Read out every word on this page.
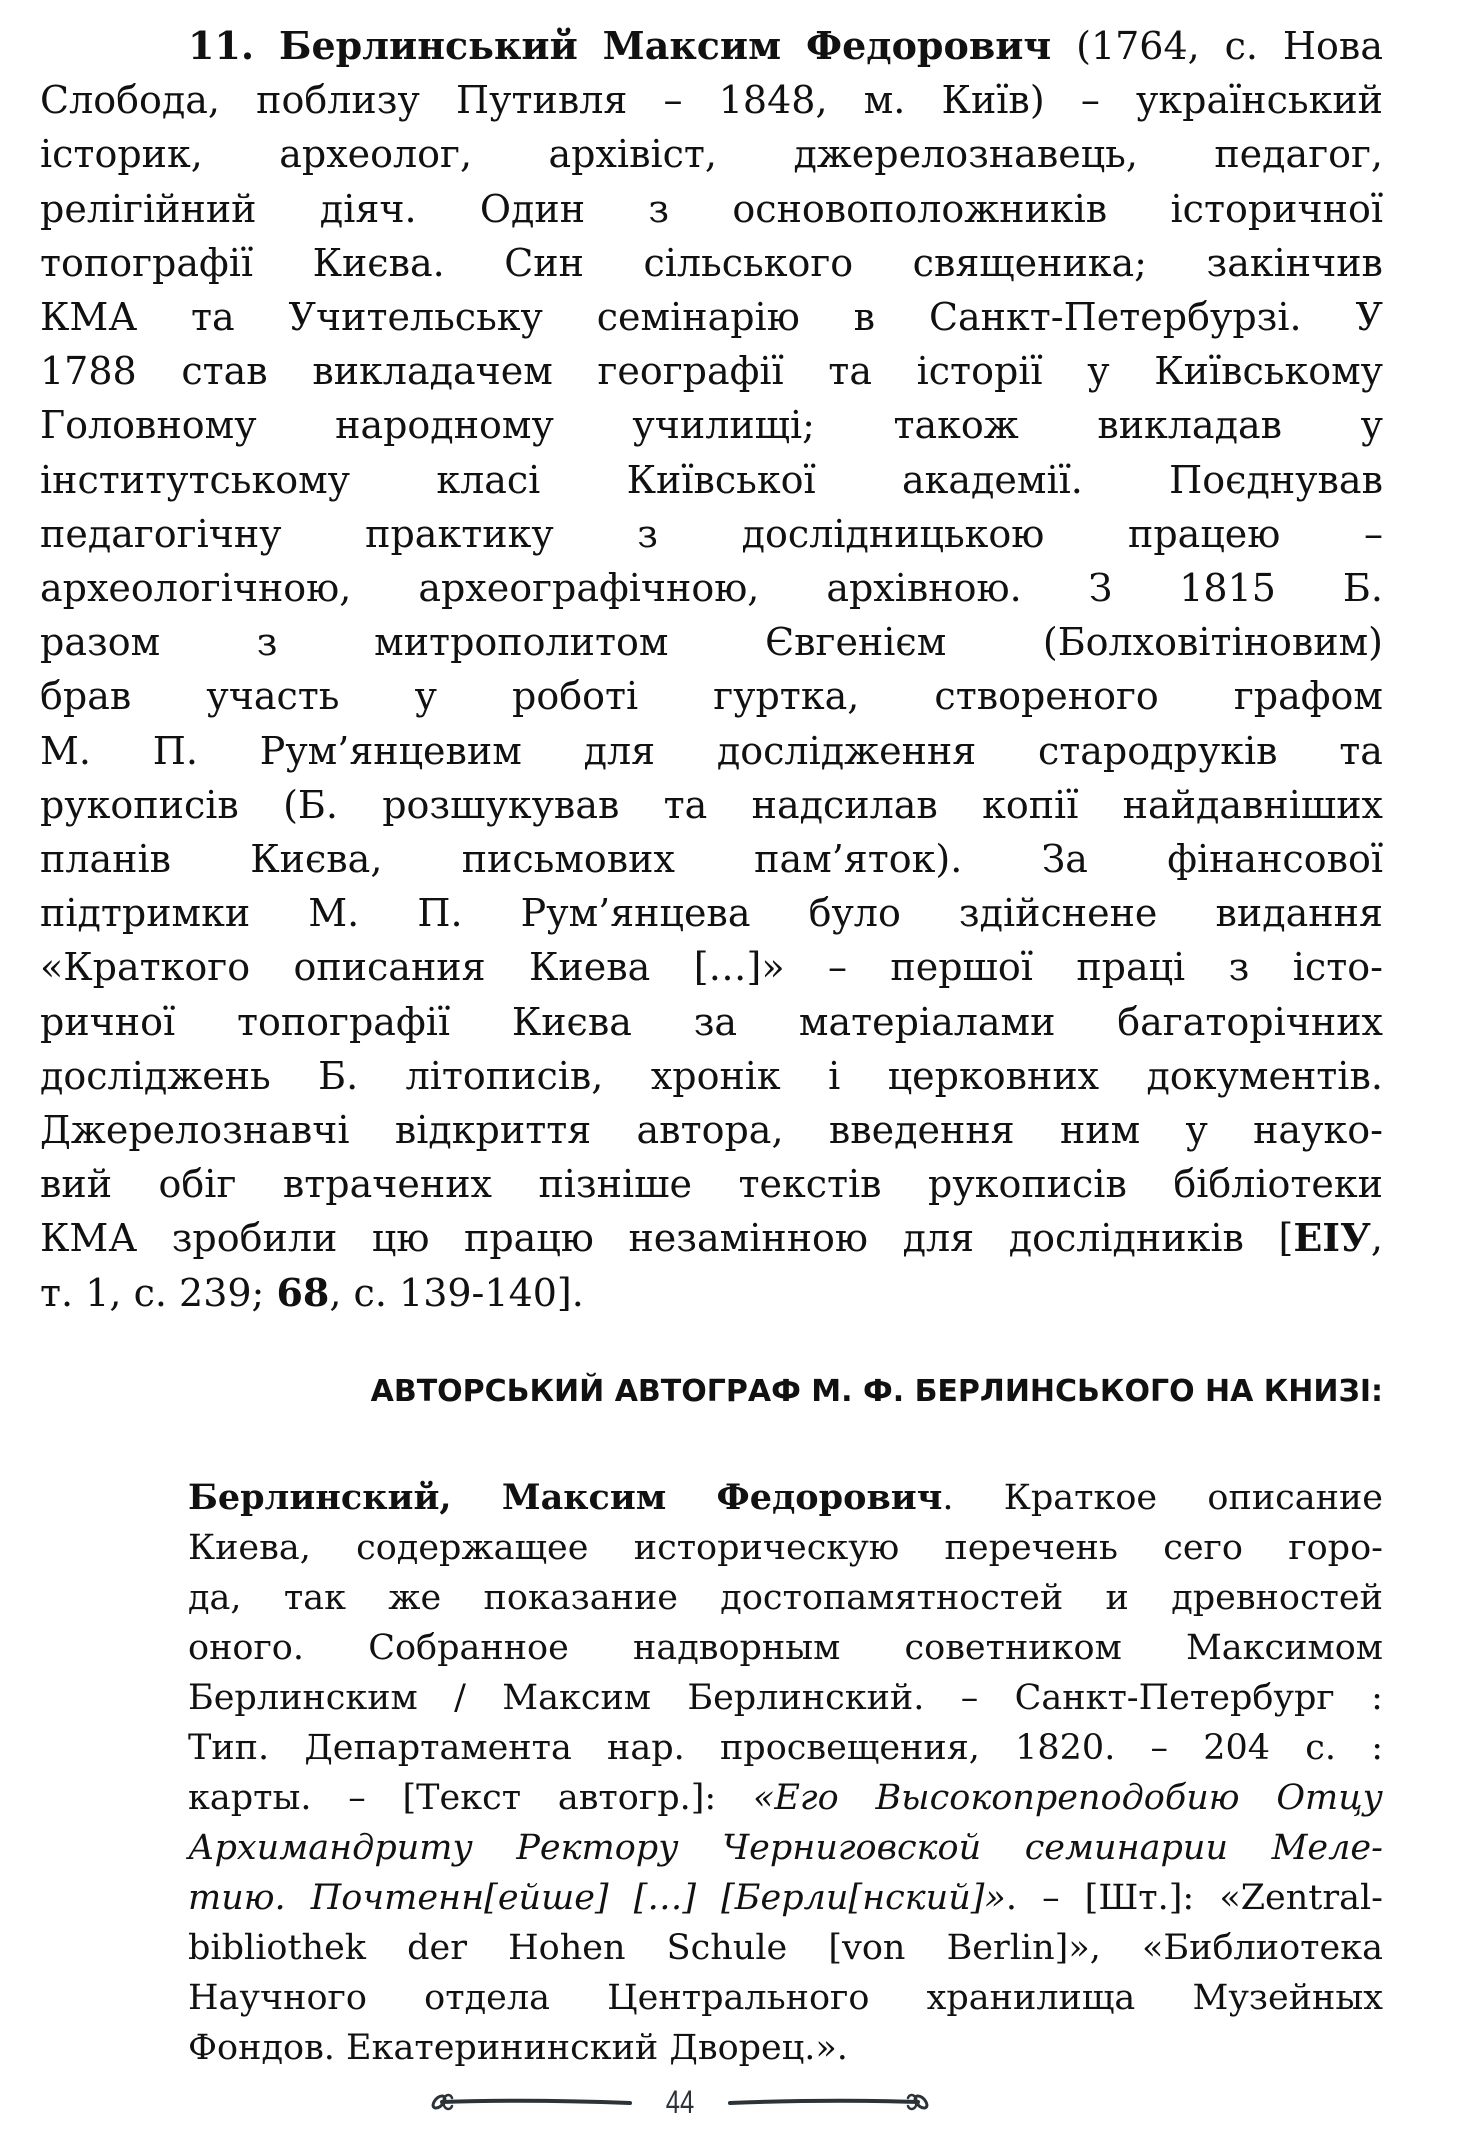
11. Берлинський Максим Федорович (1764, с. Нова
Слобода, поблизу Путивля – 1848, м. Київ) – український
історик, археолог, архівіст, джерелознавець, педагог,
релігійний діяч. Один з основоположників історичної
топографії Києва. Син сільського священика; закінчив
КМА та Учительську семінарію в Санкт-Петербурзі. У
1788 став викладачем географії та історії у Київському
Головному народному училищі; також викладав у
інститутському класі Київської академії. Поєднував
педагогічну практику з дослідницькою працею –
археологічною, археографічною, архівною. З 1815 Б.
разом	з	митрополитом	Євгенієм	(Болховітіновим)
брав участь у роботі гуртка, створеного графом
М. П. Рум’янцевим для дослідження стародруків та
рукописів (Б. розшукував та надсилав копії найдавніших
планів Києва, письмових пам’яток). За фінансової
підтримки М. П. Рум’янцева було здійснене видання
«Краткого описания Киева […]» – першої праці з істо-
ричної топографії Києва за матеріалами багаторічних
досліджень Б. літописів, хронік і церковних документів.
Джерелознавчі відкриття автора, введення ним у науко-
вий обіг втрачених пізніше текстів рукописів бібліотеки
КМА зробили цю працю незамінною для дослідників [ЕІУ,
т. 1, с. 239; 68, с. 139-140].
АВТОРСЬКИЙ АВТОГРАФ М. Ф. БЕРЛИНСЬКОГО НА КНИЗІ:
Берлинский, Максим Федорович. Краткое описание
Киева, содержащее историческую перечень сего горо-
да, так же показание достопамятностей и древностей
оного. Собранное надворным советником Максимом
Берлинским / Максим Берлинский. – Санкт-Петербург :
Тип. Департамента нар. просвещения, 1820. – 204 с. :
карты. – [Текст автогр.]: «Его Высокопреподобию Отцу
Архимандриту Ректору Черниговской семинарии Меле-
тию. Почтенн[ейше] […] [Берли[нский]». – [Шт.]: «Zentral-
bibliothek der Hohen Schule [von Berlin]», «Библиотека
Научного отдела Центрального хранилища Музейных
Фондов. Екатерининский Дворец.».
44
